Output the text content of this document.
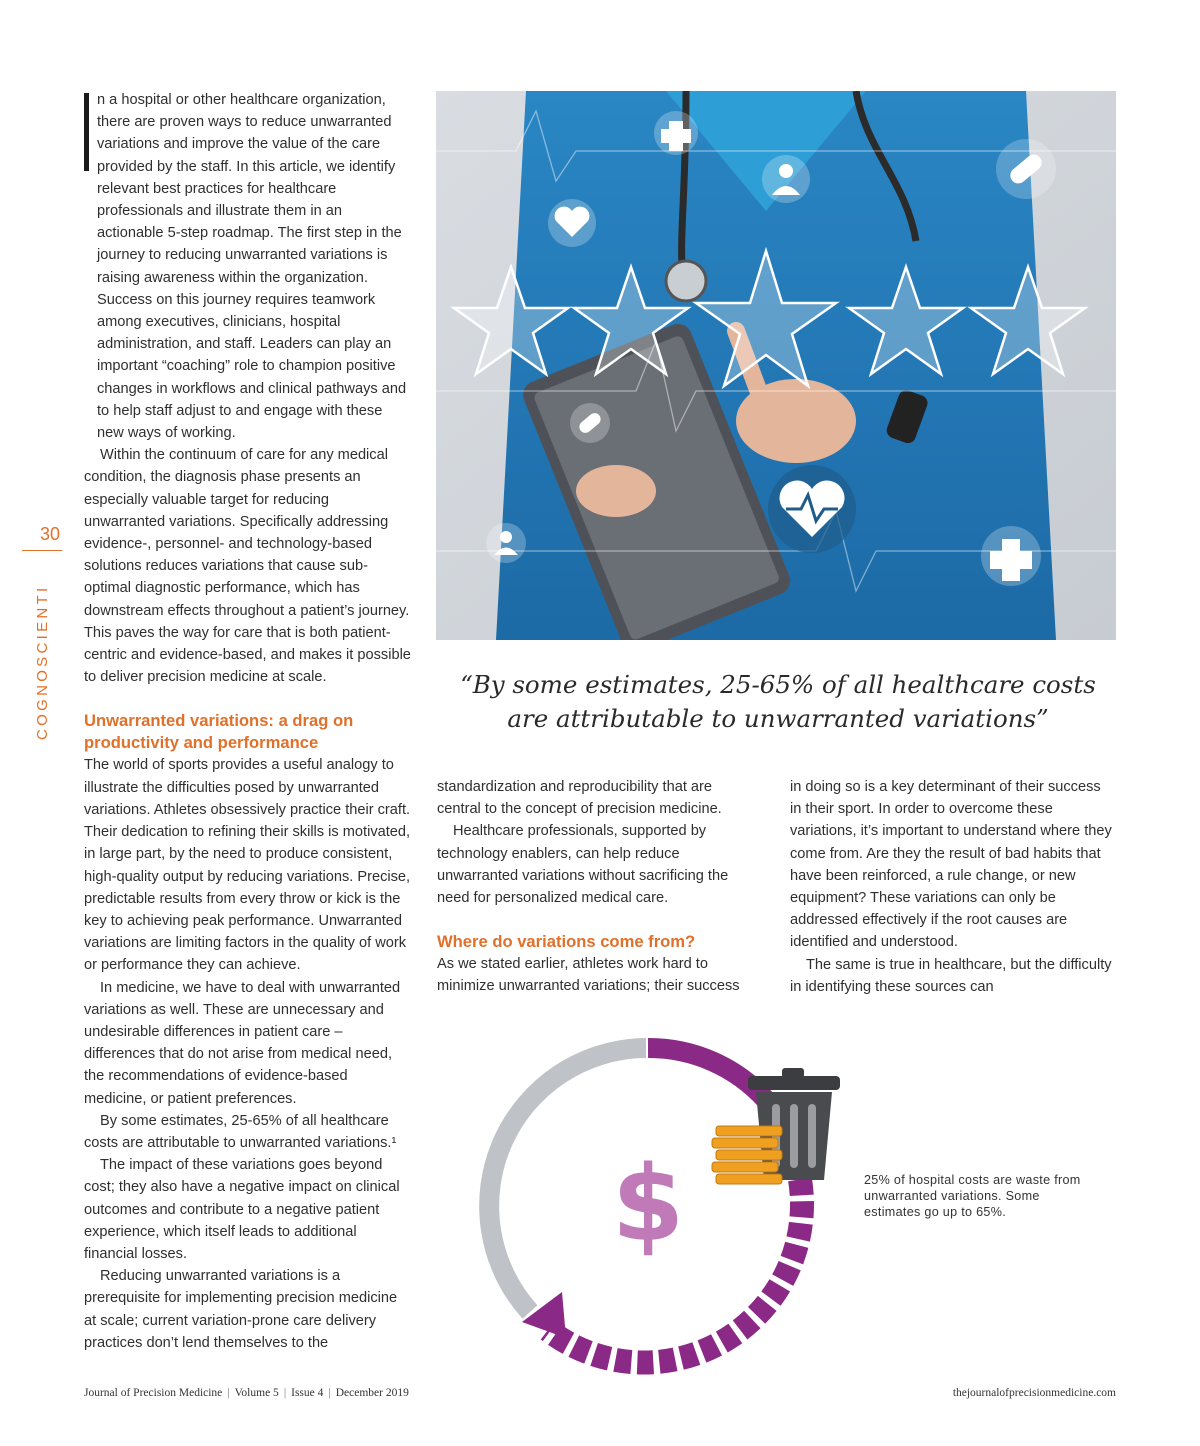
30
COGNOSCIENTI

n a hospital or other healthcare organization, there are proven ways to reduce unwarranted variations and improve the value of the care provided by the staff. In this article, we identify relevant best practices for healthcare professionals and illustrate them in an actionable 5-step roadmap. The first step in the journey to reducing unwarranted variations is raising awareness within the organization. Success on this journey requires teamwork among executives, clinicians, hospital administration, and staff. Leaders can play an important “coaching” role to champion positive changes in workflows and clinical pathways and to help staff adjust to and engage with these new ways of working.

Within the continuum of care for any medical condition, the diagnosis phase presents an especially valuable target for reducing unwarranted variations. Specifically addressing evidence-, personnel- and technology-based solutions reduces variations that cause sub-optimal diagnostic performance, which has downstream effects throughout a patient’s journey. This paves the way for care that is both patient-centric and evidence-based, and makes it possible to deliver precision medicine at scale.

Unwarranted variations: a drag on productivity and performance

The world of sports provides a useful analogy to illustrate the difficulties posed by unwarranted variations. Athletes obsessively practice their craft. Their dedication to refining their skills is motivated, in large part, by the need to produce consistent, high-quality output by reducing variations. Precise, predictable results from every throw or kick is the key to achieving peak performance. Unwarranted variations are limiting factors in the quality of work or performance they can achieve.

In medicine, we have to deal with unwarranted variations as well. These are unnecessary and undesirable differences in patient care – differences that do not arise from medical need, the recommendations of evidence-based medicine, or patient preferences.

By some estimates, 25-65% of all healthcare costs are attributable to unwarranted variations.¹

The impact of these variations goes beyond cost; they also have a negative impact on clinical outcomes and contribute to a negative patient experience, which itself leads to additional financial losses.

Reducing unwarranted variations is a prerequisite for implementing precision medicine at scale; current variation-prone care delivery practices don’t lend themselves to the

“By some estimates, 25-65% of all healthcare costs are attributable to unwarranted variations”

standardization and reproducibility that are central to the concept of precision medicine.

Healthcare professionals, supported by technology enablers, can help reduce unwarranted variations without sacrificing the need for personalized medical care.

Where do variations come from?

As we stated earlier, athletes work hard to minimize unwarranted variations; their success

in doing so is a key determinant of their success in their sport. In order to overcome these variations, it’s important to understand where they come from. Are they the result of bad habits that have been reinforced, a rule change, or new equipment? These variations can only be addressed effectively if the root causes are identified and understood.

The same is true in healthcare, but the difficulty in identifying these sources can

$	25% of hospital costs are waste from unwarranted variations. Some estimates go up to 65%.
Journal of Precision Medicine | Volume 5 | Issue 4 | December 2019	thejournalofprecisionmedicine.com
